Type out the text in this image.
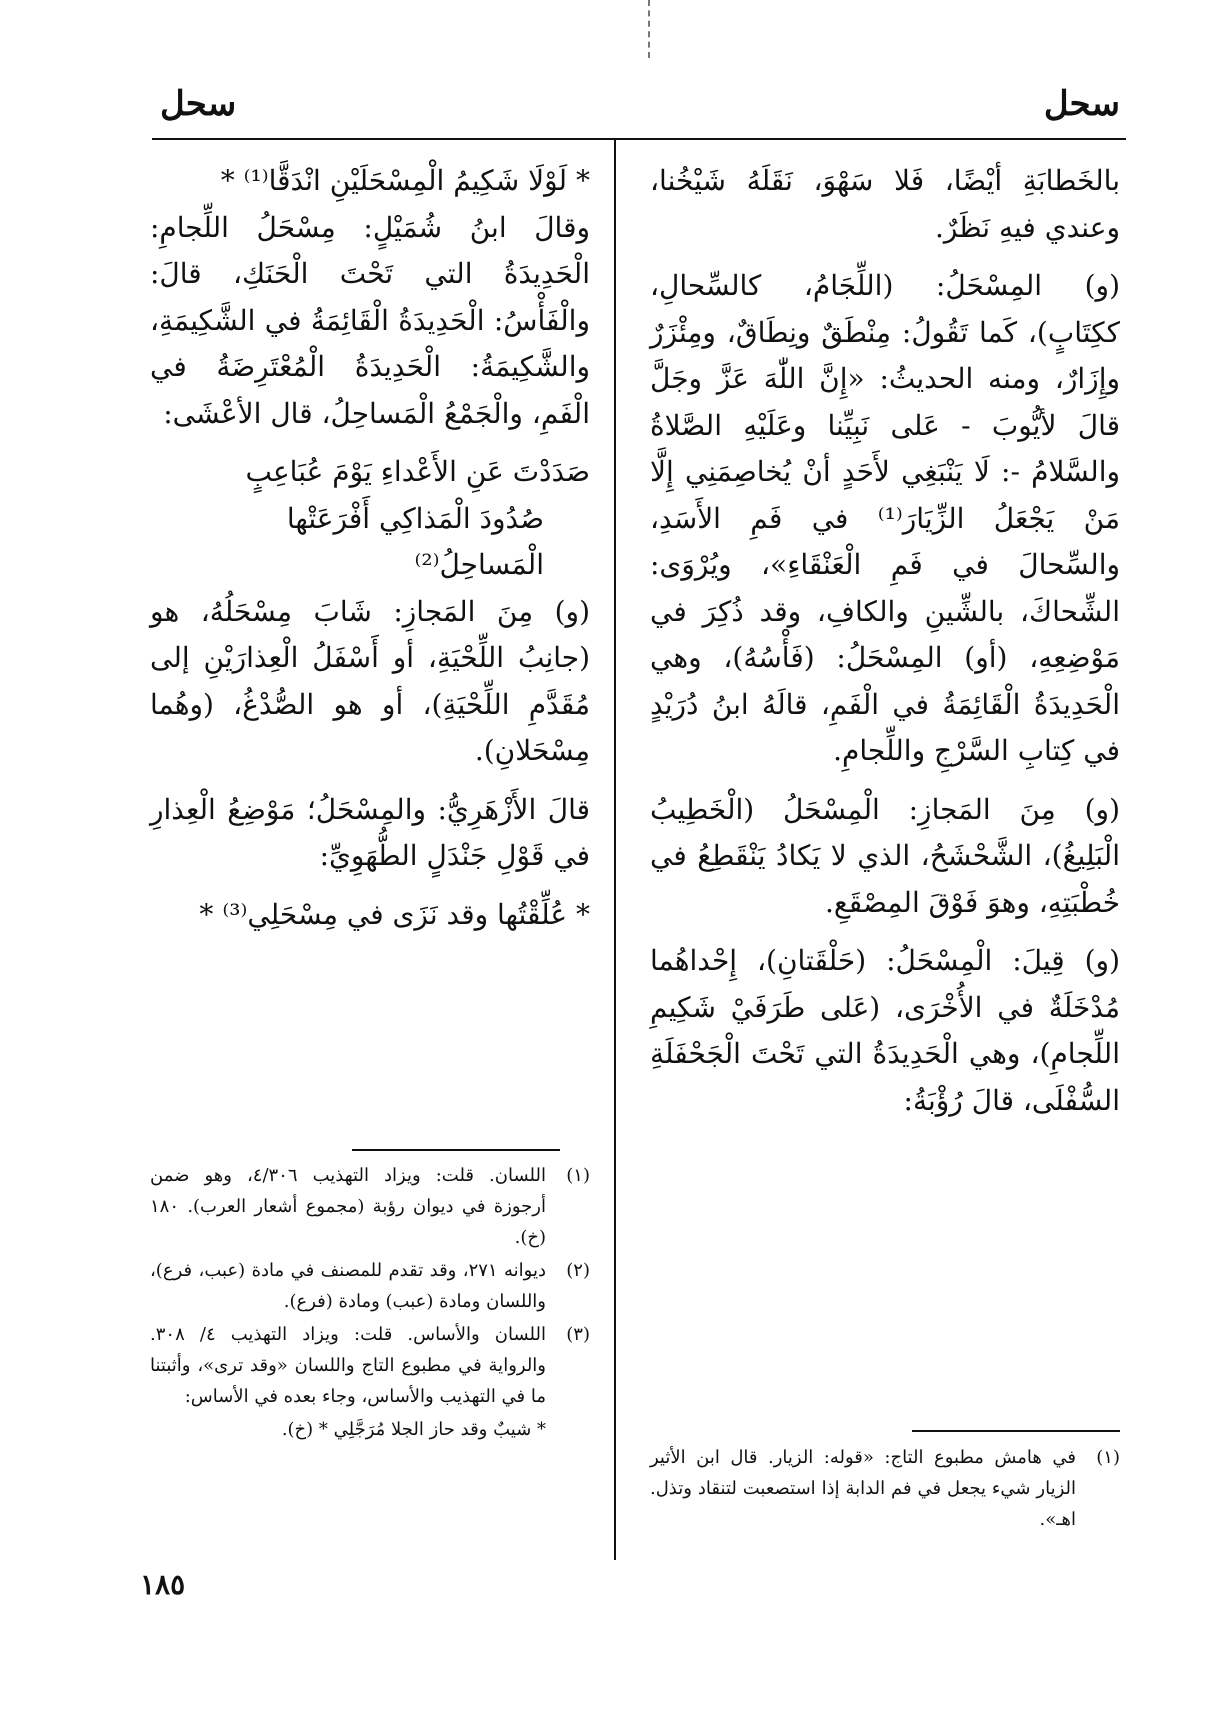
سحل
سحل

بالخَطابَةِ أيْضًا، فَلا سَهْوَ، نَقَلَهُ شَيْخُنا، وعندي فيهِ نَظَرٌ.

(و) المِسْحَلُ: (اللِّجَامُ، كالسِّحالِ، ككِتَابٍ)، كَما تَقُولُ: مِنْطَقٌ ونِطَاقٌ، ومِئْزَرٌ وإِزَارٌ، ومنه الحديثُ: «إِنَّ اللّٰهَ عَزَّ وجَلَّ قالَ لأيُّوبَ - عَلى نَبِيِّنا وعَلَيْهِ الصَّلاةُ والسَّلامُ -: لَا يَنْبَغِي لأَحَدٍ أنْ يُخاصِمَنِي إِلَّا مَنْ يَجْعَلُ الزِّيَارَ⁽¹⁾ في فَمِ الأَسَدِ، والسِّحالَ في فَمِ الْعَنْقَاءِ»، ويُرْوَى: الشِّحاكَ، بالشِّينِ والكافِ، وقد ذُكِرَ في مَوْضِعِهِ، (أو) المِسْحَلُ: (فَأْسُهُ)، وهي الْحَدِيدَةُ الْقَائِمَةُ في الْفَمِ، قالَهُ ابنُ دُرَيْدٍ في كِتابِ السَّرْجِ واللِّجامِ.

(و) مِنَ المَجازِ: الْمِسْحَلُ (الْخَطِيبُ الْبَلِيغُ)، الشَّحْشَحُ، الذي لا يَكادُ يَنْقَطِعُ في خُطْبَتِهِ، وهوَ فَوْقَ المِصْقَعِ.

(و) قِيلَ: الْمِسْحَلُ: (حَلْقَتانِ)، إِحْداهُما مُدْخَلَةٌ في الأُخْرَى، (عَلى طَرَفَيْ شَكِيمِ اللِّجامِ)، وهي الْحَدِيدَةُ التي تَحْتَ الْجَحْفَلَةِ السُّفْلَى، قالَ رُؤْبَةُ:

* لَوْلَا شَكِيمُ الْمِسْحَلَيْنِ انْدَقَّا⁽¹⁾ *

وقالَ ابنُ شُمَيْلٍ: مِسْحَلُ اللِّجامِ: الْحَدِيدَةُ التي تَحْتَ الْحَنَكِ، قالَ: والْفَأْسُ: الْحَدِيدَةُ الْقَائِمَةُ في الشَّكِيمَةِ، والشَّكِيمَةُ: الْحَدِيدَةُ الْمُعْتَرِضَةُ في الْفَمِ، والْجَمْعُ الْمَساحِلُ، قال الأعْشَى:

صَدَدْتَ عَنِ الأَعْداءِ يَوْمَ عُبَاعِبٍ
صُدُودَ الْمَذاكِي أَفْرَعَتْها الْمَساحِلُ⁽²⁾

(و) مِنَ المَجازِ: شَابَ مِسْحَلُهُ، هو (جانِبُ اللِّحْيَةِ، أو أَسْفَلُ الْعِذارَيْنِ إلى مُقَدَّمِ اللِّحْيَةِ)، أو هو الصُّدْغُ، (وهُما مِسْحَلانِ).

قالَ الأَزْهَرِيُّ: والمِسْحَلُ؛ مَوْضِعُ الْعِذارِ في قَوْلِ جَنْدَلٍ الطُّهَوِيِّ:

* عُلِّقْتُها وقد نَزَى في مِسْحَلِي⁽³⁾ *

(١)
في هامش مطبوع التاج: «قوله: الزيار. قال ابن الأثير الزيار شيء يجعل في فم الدابة إذا استصعبت لتنقاد وتذل. اهـ».
(١)
اللسان. قلت: ويزاد التهذيب ٤/٣٠٦، وهو ضمن أرجوزة في ديوان رؤبة (مجموع أشعار العرب). ١٨٠ (خ).
(٢)
ديوانه ٢٧١، وقد تقدم للمصنف في مادة (عبب، فرع)، واللسان ومادة (عبب) ومادة (فرع).
(٣)
اللسان والأساس. قلت: ويزاد التهذيب ٤/ ٣٠٨. والرواية في مطبوع التاج واللسان «وقد ترى»، وأثبتنا ما في التهذيب والأساس، وجاء بعده في الأساس:
* شيبٌ وقد حاز الجلا مُرَجَّلِي * (خ).
١٨٥
